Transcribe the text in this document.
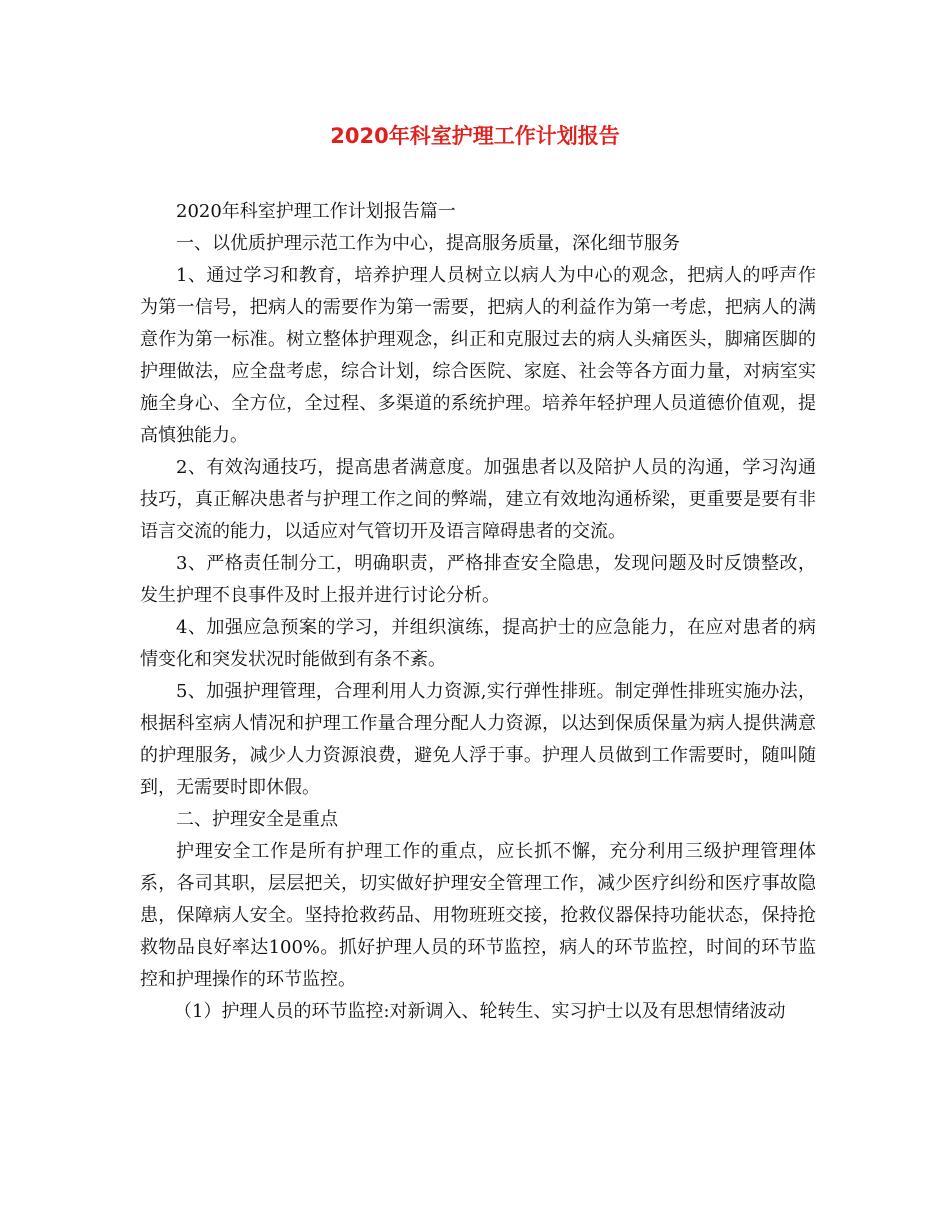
2020年科室护理工作计划报告

2020年科室护理工作计划报告篇一

一、以优质护理示范工作为中心，提高服务质量，深化细节服务

1、通过学习和教育，培养护理人员树立以病人为中心的观念，把病人的呼声作为第一信号，把病人的需要作为第一需要，把病人的利益作为第一考虑，把病人的满意作为第一标准。树立整体护理观念，纠正和克服过去的病人头痛医头，脚痛医脚的护理做法，应全盘考虑，综合计划，综合医院、家庭、社会等各方面力量，对病室实施全身心、全方位，全过程、多渠道的系统护理。培养年轻护理人员道德价值观，提高慎独能力。

2、有效沟通技巧，提高患者满意度。加强患者以及陪护人员的沟通，学习沟通技巧，真正解决患者与护理工作之间的弊端，建立有效地沟通桥梁，更重要是要有非语言交流的能力，以适应对气管切开及语言障碍患者的交流。

3、严格责任制分工，明确职责，严格排查安全隐患，发现问题及时反馈整改，发生护理不良事件及时上报并进行讨论分析。

4、加强应急预案的学习，并组织演练，提高护士的应急能力，在应对患者的病情变化和突发状况时能做到有条不紊。

5、加强护理管理，合理利用人力资源,实行弹性排班。制定弹性排班实施办法，根据科室病人情况和护理工作量合理分配人力资源，以达到保质保量为病人提供满意的护理服务，减少人力资源浪费，避免人浮于事。护理人员做到工作需要时，随叫随到，无需要时即休假。

二、护理安全是重点

护理安全工作是所有护理工作的重点，应长抓不懈，充分利用三级护理管理体系，各司其职，层层把关，切实做好护理安全管理工作，减少医疗纠纷和医疗事故隐患，保障病人安全。坚持抢救药品、用物班班交接，抢救仪器保持功能状态，保持抢救物品良好率达100%。抓好护理人员的环节监控，病人的环节监控，时间的环节监控和护理操作的环节监控。

（1）护理人员的环节监控:对新调入、轮转生、实习护士以及有思想情绪波动
